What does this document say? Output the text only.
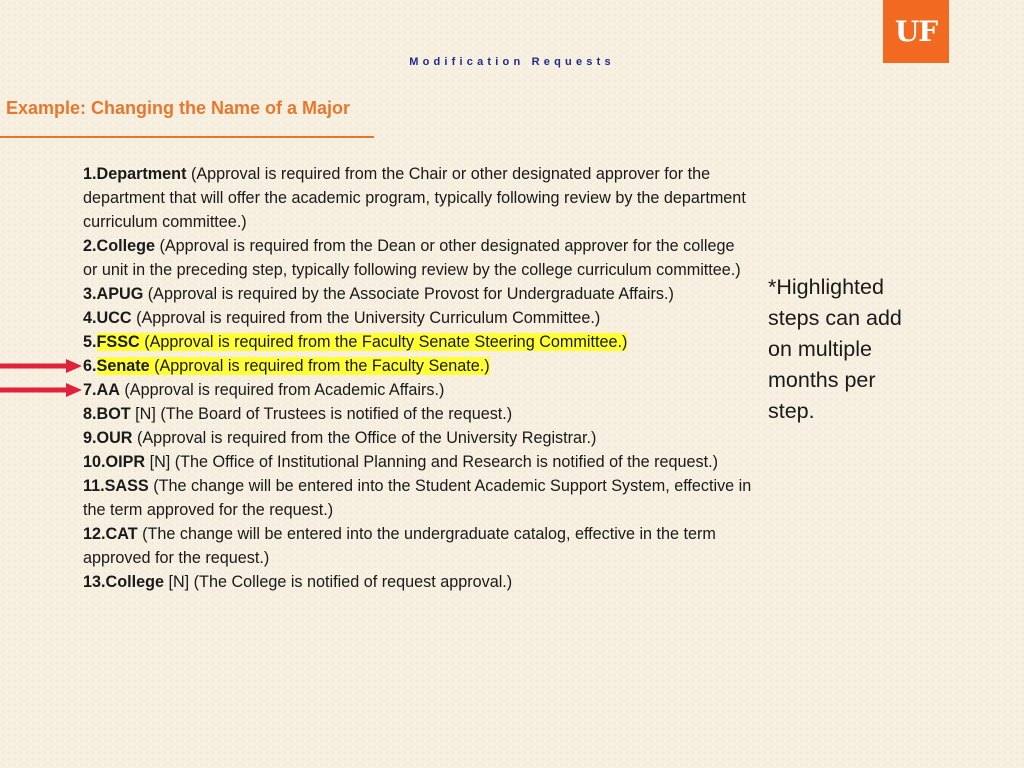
Modification Requests
UF
Example: Changing the Name of a Major
1.Department (Approval is required from the Chair or other designated approver for the department that will offer the academic program, typically following review by the department curriculum committee.)
2.College (Approval is required from the Dean or other designated approver for the college or unit in the preceding step, typically following review by the college curriculum committee.)
3.APUG (Approval is required by the Associate Provost for Undergraduate Affairs.)
4.UCC (Approval is required from the University Curriculum Committee.)
5.FSSC (Approval is required from the Faculty Senate Steering Committee.)
6.Senate (Approval is required from the Faculty Senate.)
7.AA (Approval is required from Academic Affairs.)
8.BOT [N] (The Board of Trustees is notified of the request.)
9.OUR (Approval is required from the Office of the University Registrar.)
10.OIPR [N] (The Office of Institutional Planning and Research is notified of the request.)
11.SASS (The change will be entered into the Student Academic Support System, effective in the term approved for the request.)
12.CAT (The change will be entered into the undergraduate catalog, effective in the term approved for the request.)
13.College [N] (The College is notified of request approval.)
*Highlighted steps can add on multiple months per step.
